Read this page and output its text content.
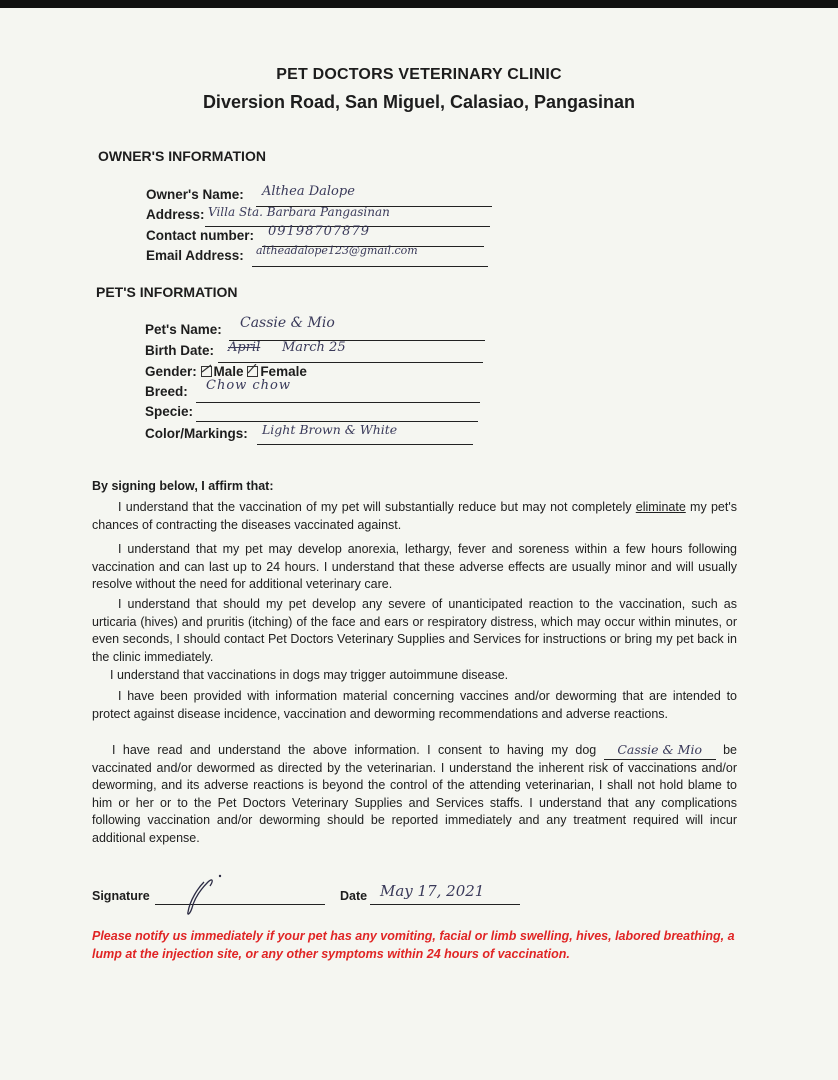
PET DOCTORS VETERINARY CLINIC
Diversion Road, San Miguel, Calasiao, Pangasinan
OWNER'S INFORMATION
Owner's Name: Althea Dalope
Address: Villa Sta. Barbara Pangasinan
Contact number: 09198707879
Email Address: altheadalope123@gmail.com
PET'S INFORMATION
Pet's Name: Cassie & Mio
Birth Date: April March 25
Gender: Male Female
Breed: Chow chow
Specie:
Color/Markings: Light Brown & White
By signing below, I affirm that:
I understand that the vaccination of my pet will substantially reduce but may not completely eliminate my pet's chances of contracting the diseases vaccinated against.
I understand that my pet may develop anorexia, lethargy, fever and soreness within a few hours following vaccination and can last up to 24 hours. I understand that these adverse effects are usually minor and will usually resolve without the need for additional veterinary care.
I understand that should my pet develop any severe of unanticipated reaction to the vaccination, such as urticaria (hives) and pruritis (itching) of the face and ears or respiratory distress, which may occur within minutes, or even seconds, I should contact Pet Doctors Veterinary Supplies and Services for instructions or bring my pet back in the clinic immediately.
I understand that vaccinations in dogs may trigger autoimmune disease.
I have been provided with information material concerning vaccines and/or deworming that are intended to protect against disease incidence, vaccination and deworming recommendations and adverse reactions.
I have read and understand the above information. I consent to having my dog Cassie & Mio be vaccinated and/or dewormed as directed by the veterinarian. I understand the inherent risk of vaccinations and/or deworming, and its adverse reactions is beyond the control of the attending veterinarian, I shall not hold blame to him or her or to the Pet Doctors Veterinary Supplies and Services staffs. I understand that any complications following vaccination and/or deworming should be reported immediately and any treatment required will incur additional expense.
Signature	Date May 17, 2021
Please notify us immediately if your pet has any vomiting, facial or limb swelling, hives, labored breathing, a lump at the injection site, or any other symptoms within 24 hours of vaccination.
